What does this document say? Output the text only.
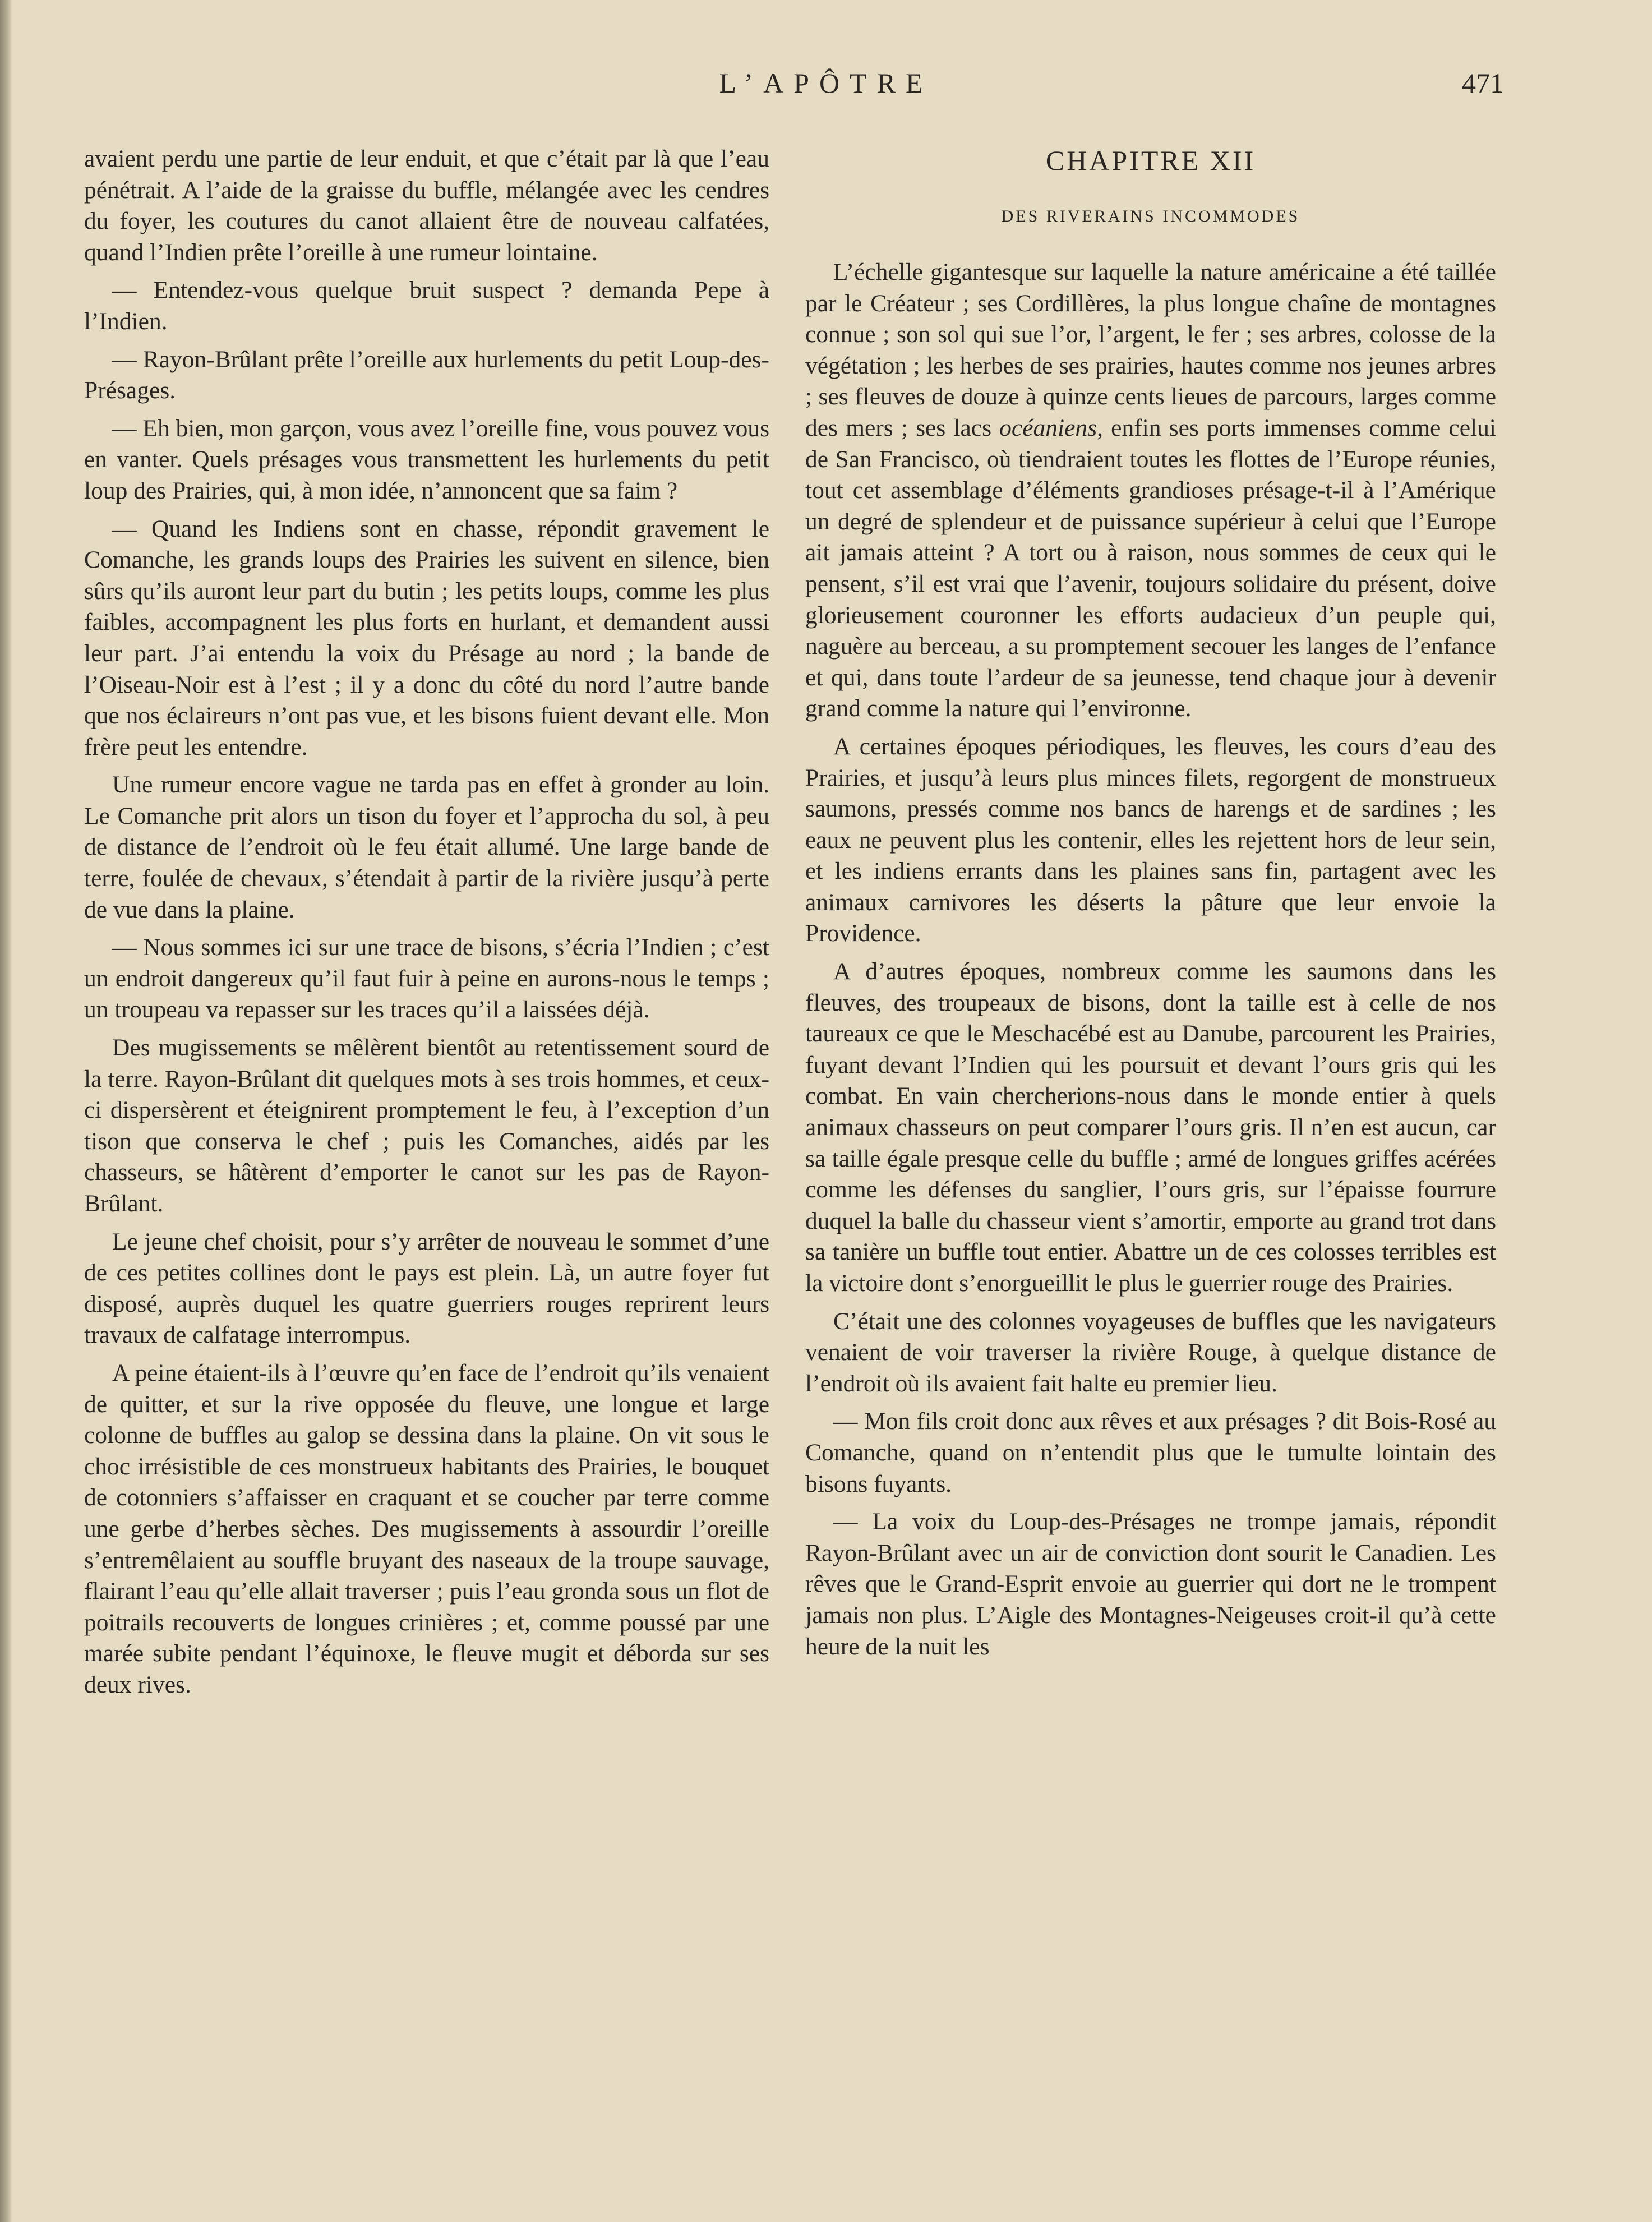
L’APÔTRE	471

avaient perdu une partie de leur enduit, et que c’était par là que l’eau pénétrait. A l’aide de la graisse du buffle, mélangée avec les cendres du foyer, les coutures du canot allaient être de nouveau calfatées, quand l’Indien prête l’oreille à une rumeur lointaine.

— Entendez-vous quelque bruit suspect ? demanda Pepe à l’Indien.

— Rayon-Brûlant prête l’oreille aux hurlements du petit Loup-des-Présages.

— Eh bien, mon garçon, vous avez l’oreille fine, vous pouvez vous en vanter. Quels présages vous transmettent les hurlements du petit loup des Prairies, qui, à mon idée, n’annoncent que sa faim ?

— Quand les Indiens sont en chasse, répondit gravement le Comanche, les grands loups des Prairies les suivent en silence, bien sûrs qu’ils auront leur part du butin ; les petits loups, comme les plus faibles, accompagnent les plus forts en hurlant, et demandent aussi leur part. J’ai entendu la voix du Présage au nord ; la bande de l’Oiseau-Noir est à l’est ; il y a donc du côté du nord l’autre bande que nos éclaireurs n’ont pas vue, et les bisons fuient devant elle. Mon frère peut les entendre.

Une rumeur encore vague ne tarda pas en effet à gronder au loin. Le Comanche prit alors un tison du foyer et l’approcha du sol, à peu de distance de l’endroit où le feu était allumé. Une large bande de terre, foulée de chevaux, s’étendait à partir de la rivière jusqu’à perte de vue dans la plaine.

— Nous sommes ici sur une trace de bisons, s’écria l’Indien ; c’est un endroit dangereux qu’il faut fuir à peine en aurons-nous le temps ; un troupeau va repasser sur les traces qu’il a laissées déjà.

Des mugissements se mêlèrent bientôt au retentissement sourd de la terre. Rayon-Brûlant dit quelques mots à ses trois hommes, et ceux-ci dispersèrent et éteignirent promptement le feu, à l’exception d’un tison que conserva le chef ; puis les Comanches, aidés par les chasseurs, se hâtèrent d’emporter le canot sur les pas de Rayon-Brûlant.

Le jeune chef choisit, pour s’y arrêter de nouveau le sommet d’une de ces petites collines dont le pays est plein. Là, un autre foyer fut disposé, auprès duquel les quatre guerriers rouges reprirent leurs travaux de calfatage interrompus.

A peine étaient-ils à l’œuvre qu’en face de l’endroit qu’ils venaient de quitter, et sur la rive opposée du fleuve, une longue et large colonne de buffles au galop se dessina dans la plaine. On vit sous le choc irrésistible de ces monstrueux habitants des Prairies, le bouquet de cotonniers s’affaisser en craquant et se coucher par terre comme une gerbe d’herbes sèches. Des mugissements à assourdir l’oreille s’entremêlaient au souffle bruyant des naseaux de la troupe sauvage, flairant l’eau qu’elle allait traverser ; puis l’eau gronda sous un flot de poitrails recouverts de longues crinières ; et, comme poussé par une marée subite pendant l’équinoxe, le fleuve mugit et déborda sur ses deux rives.

CHAPITRE XII
DES RIVERAINS INCOMMODES

L’échelle gigantesque sur laquelle la nature américaine a été taillée par le Créateur ; ses Cordillères, la plus longue chaîne de montagnes connue ; son sol qui sue l’or, l’argent, le fer ; ses arbres, colosse de la végétation ; les herbes de ses prairies, hautes comme nos jeunes arbres ; ses fleuves de douze à quinze cents lieues de parcours, larges comme des mers ; ses lacs océaniens, enfin ses ports immenses comme celui de San Francisco, où tiendraient toutes les flottes de l’Europe réunies, tout cet assemblage d’éléments grandioses présage-t-il à l’Amérique un degré de splendeur et de puissance supérieur à celui que l’Europe ait jamais atteint ? A tort ou à raison, nous sommes de ceux qui le pensent, s’il est vrai que l’avenir, toujours solidaire du présent, doive glorieusement couronner les efforts audacieux d’un peuple qui, naguère au berceau, a su promptement secouer les langes de l’enfance et qui, dans toute l’ardeur de sa jeunesse, tend chaque jour à devenir grand comme la nature qui l’environne.

A certaines époques périodiques, les fleuves, les cours d’eau des Prairies, et jusqu’à leurs plus minces filets, regorgent de monstrueux saumons, pressés comme nos bancs de harengs et de sardines ; les eaux ne peuvent plus les contenir, elles les rejettent hors de leur sein, et les indiens errants dans les plaines sans fin, partagent avec les animaux carnivores les déserts la pâture que leur envoie la Providence.

A d’autres époques, nombreux comme les saumons dans les fleuves, des troupeaux de bisons, dont la taille est à celle de nos taureaux ce que le Meschacébé est au Danube, parcourent les Prairies, fuyant devant l’Indien qui les poursuit et devant l’ours gris qui les combat. En vain chercherions-nous dans le monde entier à quels animaux chasseurs on peut comparer l’ours gris. Il n’en est aucun, car sa taille égale presque celle du buffle ; armé de longues griffes acérées comme les défenses du sanglier, l’ours gris, sur l’épaisse fourrure duquel la balle du chasseur vient s’amortir, emporte au grand trot dans sa tanière un buffle tout entier. Abattre un de ces colosses terribles est la victoire dont s’enorgueillit le plus le guerrier rouge des Prairies.

C’était une des colonnes voyageuses de buffles que les navigateurs venaient de voir traverser la rivière Rouge, à quelque distance de l’endroit où ils avaient fait halte eu premier lieu.

— Mon fils croit donc aux rêves et aux présages ? dit Bois-Rosé au Comanche, quand on n’entendit plus que le tumulte lointain des bisons fuyants.

— La voix du Loup-des-Présages ne trompe jamais, répondit Rayon-Brûlant avec un air de conviction dont sourit le Canadien. Les rêves que le Grand-Esprit envoie au guerrier qui dort ne le trompent jamais non plus. L’Aigle des Montagnes-Neigeuses croit-il qu’à cette heure de la nuit les
